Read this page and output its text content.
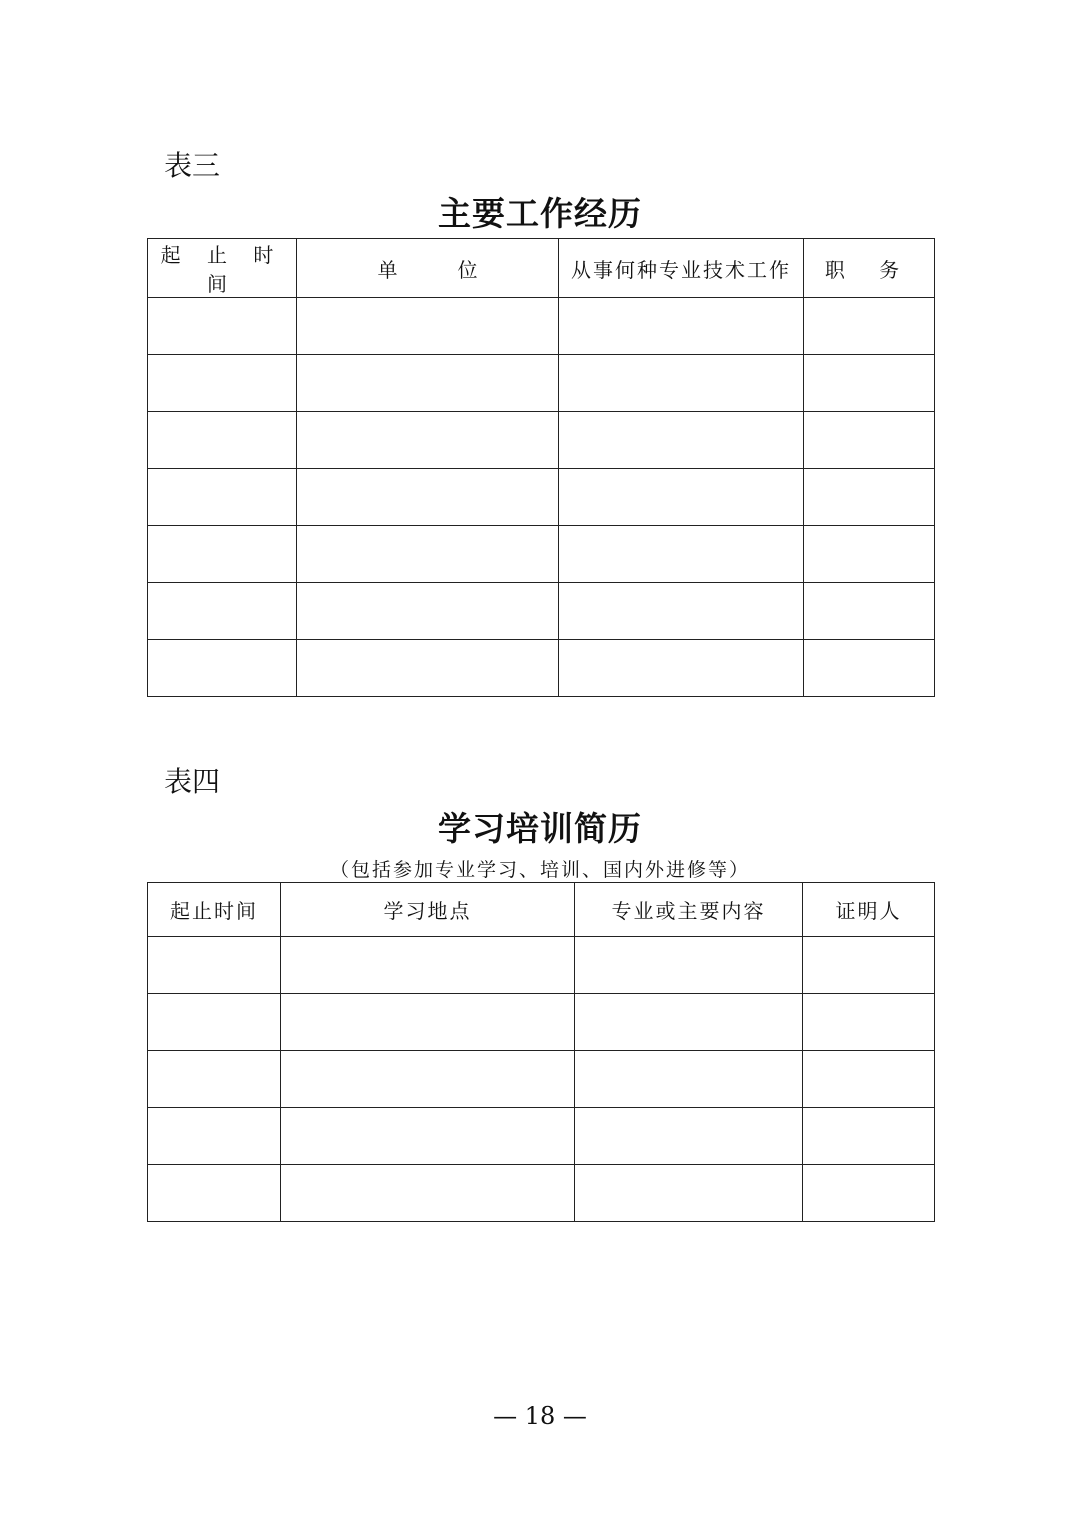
表三
主要工作经历
起 止 时 间	单　　　位	从事何种专业技术工作	职 务

表四
学习培训简历
（包括参加专业学习、培训、国内外进修等）
起止时间	学习地点	专业或主要内容	证明人

— 18 —
